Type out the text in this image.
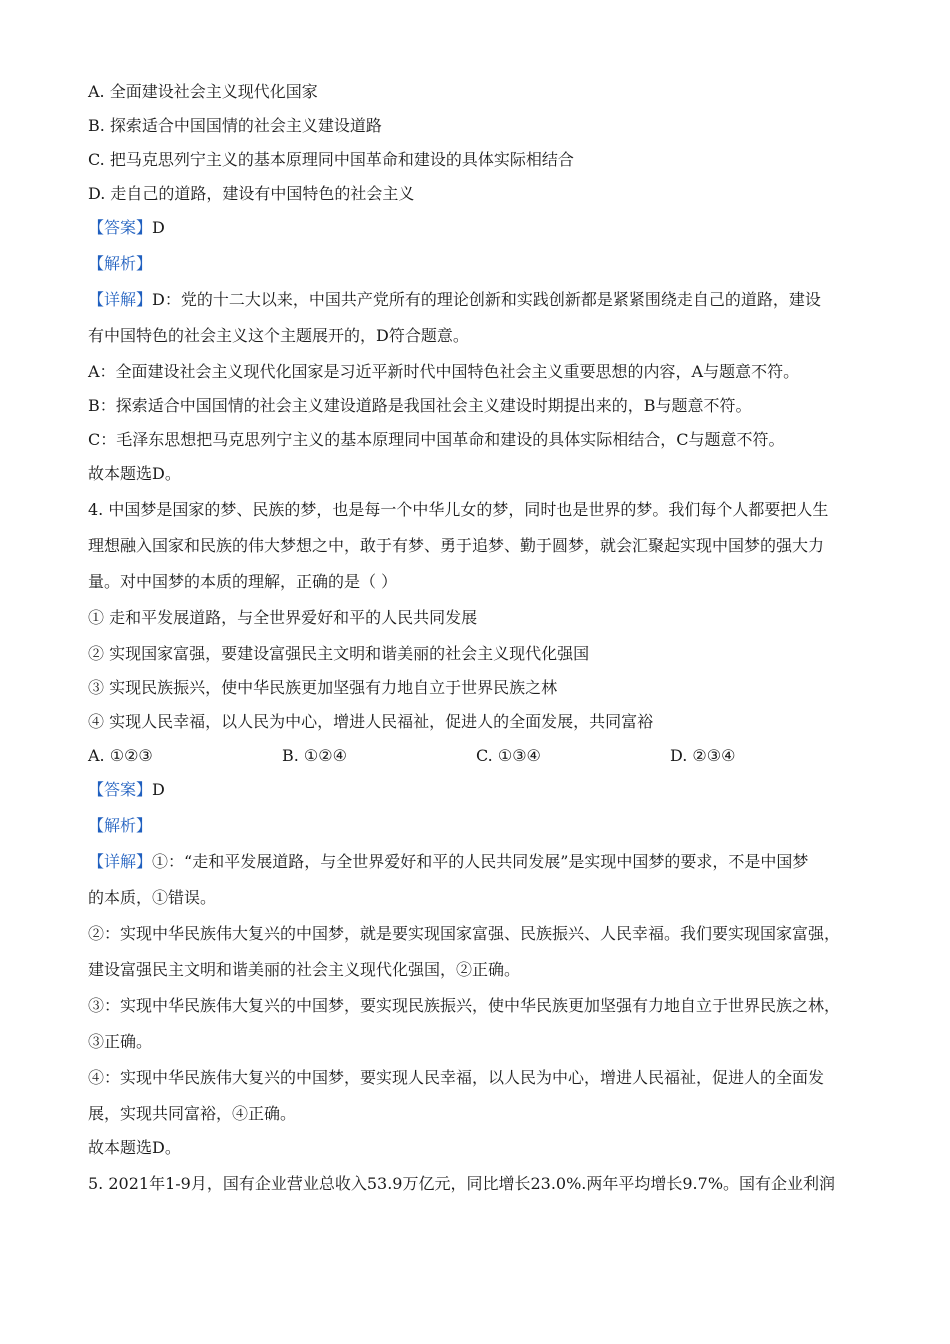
A. 全面建设社会主义现代化国家
B. 探索适合中国国情的社会主义建设道路
C. 把马克思列宁主义的基本原理同中国革命和建设的具体实际相结合
D. 走自己的道路，建设有中国特色的社会主义
【答案】D
【解析】
【详解】D：党的十二大以来，中国共产党所有的理论创新和实践创新都是紧紧围绕走自己的道路，建设
有中国特色的社会主义这个主题展开的，D符合题意。
A：全面建设社会主义现代化国家是习近平新时代中国特色社会主义重要思想的内容，A与题意不符。
B：探索适合中国国情的社会主义建设道路是我国社会主义建设时期提出来的，B与题意不符。
C：毛泽东思想把马克思列宁主义的基本原理同中国革命和建设的具体实际相结合，C与题意不符。
故本题选D。
4. 中国梦是国家的梦、民族的梦，也是每一个中华儿女的梦，同时也是世界的梦。我们每个人都要把人生
理想融入国家和民族的伟大梦想之中，敢于有梦、勇于追梦、勤于圆梦，就会汇聚起实现中国梦的强大力
量。对中国梦的本质的理解，正确的是（ ）
① 走和平发展道路，与全世界爱好和平的人民共同发展
② 实现国家富强，要建设富强民主文明和谐美丽的社会主义现代化强国
③ 实现民族振兴，使中华民族更加坚强有力地自立于世界民族之林
④ 实现人民幸福，以人民为中心，增进人民福祉，促进人的全面发展，共同富裕
A. ①②③	B. ①②④	C. ①③④	D. ②③④
【答案】D
【解析】
【详解】①：“走和平发展道路，与全世界爱好和平的人民共同发展”是实现中国梦的要求，不是中国梦
的本质，①错误。
②：实现中华民族伟大复兴的中国梦，就是要实现国家富强、民族振兴、人民幸福。我们要实现国家富强，
建设富强民主文明和谐美丽的社会主义现代化强国，②正确。
③：实现中华民族伟大复兴的中国梦，要实现民族振兴，使中华民族更加坚强有力地自立于世界民族之林，
③正确。
④：实现中华民族伟大复兴的中国梦，要实现人民幸福，以人民为中心，增进人民福祉，促进人的全面发
展，实现共同富裕，④正确。
故本题选D。
5. 2021年1-9月，国有企业营业总收入53.9万亿元，同比增长23.0%.两年平均增长9.7%。国有企业利润
